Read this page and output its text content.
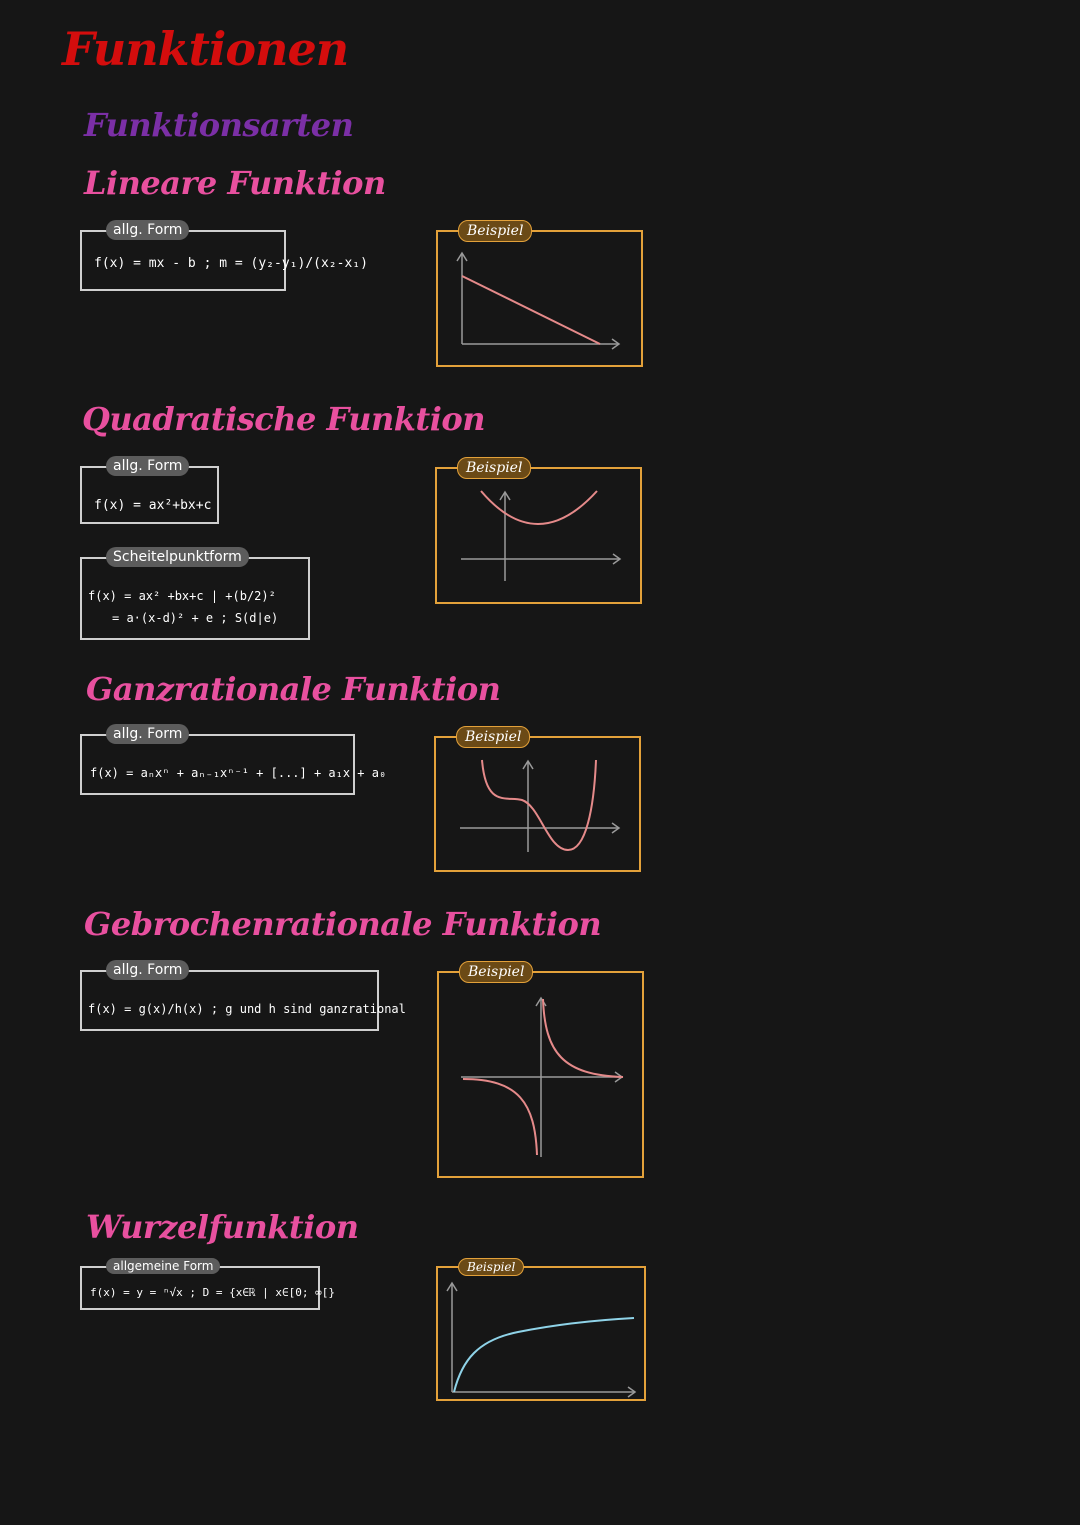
Funktionen
Funktionsarten
Lineare Funktion
allg. Form
f(x) = mx - b ; m = (y₂-y₁)/(x₂-x₁)
Beispiel
Quadratische Funktion
allg. Form
f(x) = ax²+bx+c
Scheitelpunktform
f(x) = ax² +bx+c | +(b/2)²
= a·(x-d)² + e ; S(d|e)
Beispiel
Ganzrationale Funktion
allg. Form
f(x) = aₙxⁿ + aₙ₋₁xⁿ⁻¹ + [...] + a₁x + a₀
Beispiel
Gebrochenrationale Funktion
allg. Form
f(x) = g(x)/h(x) ; g und h sind ganzrational
Beispiel
Wurzelfunktion
allgemeine Form
f(x) = y = ⁿ√x ; D = {x∈ℝ | x∈[0; ∞[}
Beispiel
